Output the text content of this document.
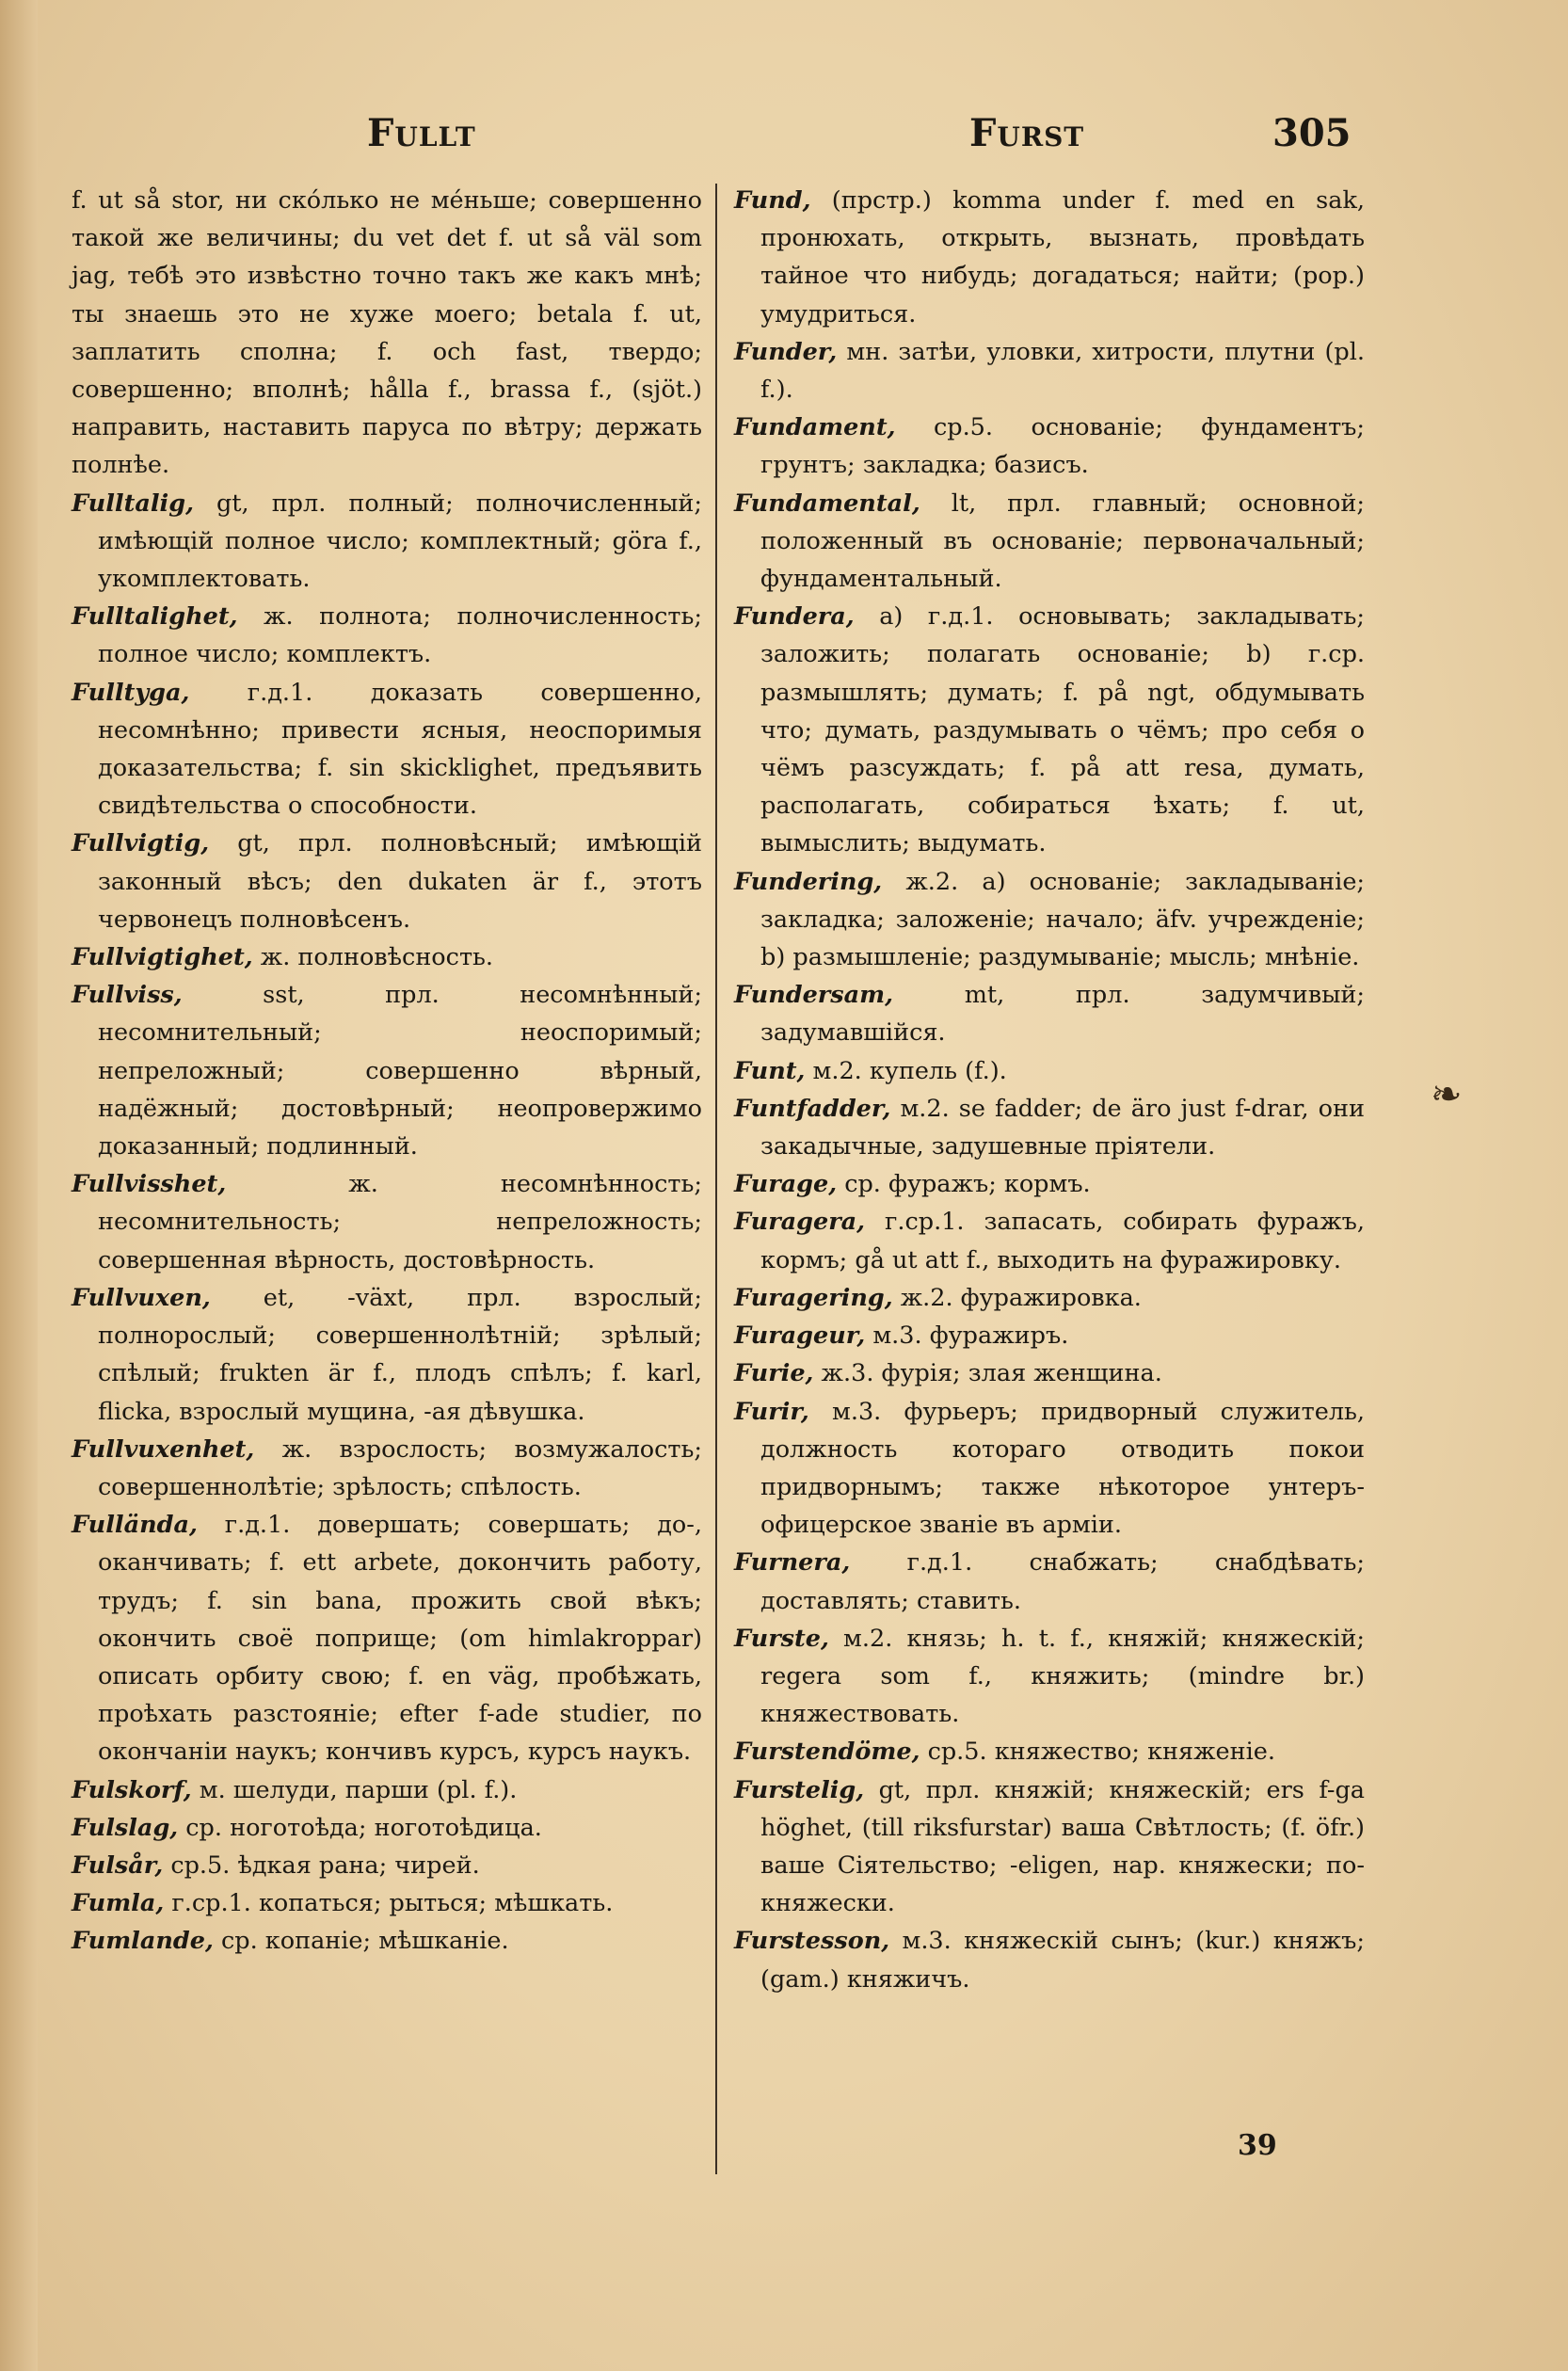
Fullt	Furst	305

f. ut så stor, ни ско́лько не ме́ньше; совершенно такой же величины; du vet det f. ut så väl som jag, тебѣ это извѣстно точно такъ же какъ мнѣ; ты знаешь это не хуже моего; betala f. ut, заплатить сполна; f. och fast, твердо; совершенно; вполнѣ; hålla f., brassa f., (sjöt.) направить, наставить паруса по вѣтру; держать полнѣе.

Fulltalig, gt, прл. полный; полночисленный; имѣющій полное число; комплектный; göra f., укомплектовать.

Fulltalighet, ж. полнота; полночисленность; полное число; комплектъ.

Fulltyga, г.д.1. доказать совершенно, несомнѣнно; привести ясныя, неоспоримыя доказательства; f. sin skicklighet, предъявить свидѣтельства о способности.

Fullvigtig, gt, прл. полновѣсный; имѣющій законный вѣсъ; den dukaten är f., этотъ червонецъ полновѣсенъ.

Fullvigtighet, ж. полновѣсность.

Fullviss,	sst, прл. несомнѣнный; несомнительный; неоспоримый; непреложный; совершенно вѣрный, надёжный; достовѣрный; неопровержимо доказанный; подлинный.

Fullvisshet,	ж. несомнѣнность; несомнительность; непреложность; совершенная вѣрность, достовѣрность.

Fullvuxen, et, -växt, прл. взрослый; полнорослый; совершеннолѣтній; зрѣлый; спѣлый; frukten är f., плодъ спѣлъ; f. karl, flicka, взрослый мущина, -ая дѣвушка.

Fullvuxenhet, ж. взрослость; возмужалость; совершеннолѣтіе; зрѣлость; спѣлость.

Fullända, г.д.1. довершать; совершать; до-, оканчивать; f. ett arbete, докончить работу, трудъ; f. sin bana, прожить свой вѣкъ; окончить своё поприще; (om himlakroppar) описать орбиту свою; f. en väg, пробѣжать, проѣхать разстояніе; efter f-ade studier, по окончаніи наукъ; кончивъ курсъ, курсъ наукъ.

Fulskorf, м. шелуди, парши (pl. f.).

Fulslag, ср. ноготоѣда; ноготоѣдица.

Fulsår, ср.5. ѣдкая рана; чирей.

Fumla, г.ср.1. копаться; рыться; мѣшкать.

Fumlande, ср. копаніе; мѣшканіе.

Fund, (прстр.) komma under f. med en sak, пронюхать, открыть, вызнать, провѣдать тайное что нибудь; догадаться; найти; (pop.) умудриться.

Funder, мн. затѣи, уловки, хитрости, плутни (pl. f.).

Fundament, ср.5. основаніе; фундаментъ; грунтъ; закладка; базисъ.

Fundamental, lt, прл. главный; основной; положенный въ основаніе; первоначальный; фундаментальный.

Fundera, a) г.д.1. основывать; закладывать; заложить; полагать основаніе; b) г.ср. размышлять; думать; f. på ngt, обдумывать что; думать, раздумывать о чёмъ; про себя о чёмъ разсуждать; f. på att resa, думать, располагать, собираться ѣхать; f. ut, вымыслить; выдумать.

Fundering, ж.2. a) основаніе; закладываніе; закладка; заложеніе; начало; äfv. учрежденіе; b) размышленіе; раздумываніе; мысль; мнѣніе.

Fundersam,	mt, прл. задумчивый; задумавшійся.

Funt, м.2. купель (f.).

Funtfadder, м.2. se fadder; de äro just f-drar, они закадычные, задушевные пріятели.

Furage, ср. фуражъ; кормъ.

Furagera, г.ср.1. запасать, собирать фуражъ, кормъ; gå ut att f., выходить на фуражировку.

Furagering, ж.2. фуражировка.

Furageur, м.3. фуражиръ.

Furie, ж.3. фурія; злая женщина.

Furir, м.3. фурьеръ; придворный служитель, должность котораго отводить покои придворнымъ; также нѣкоторое унтеръ-офицерское званіе въ арміи.

Furnera, г.д.1. снабжать; снабдѣвать; доставлять; ставить.

Furste, м.2. князь; h. t. f., княжій; княжескій; regera som f., княжить; (mindre br.) княжествовать.

Furstendöme, ср.5. княжество; княженіе.

Furstelig, gt, прл. княжій; княжескій; ers f-ga höghet, (till riksfurstar) ваша Свѣтлость; (f. öfr.) ваше Сіятельство; -eligen, нар. княжески; по-княжески.

Furstesson, м.3. княжескій сынъ; (kur.) княжъ; (gam.) княжичъ.

❧
39
